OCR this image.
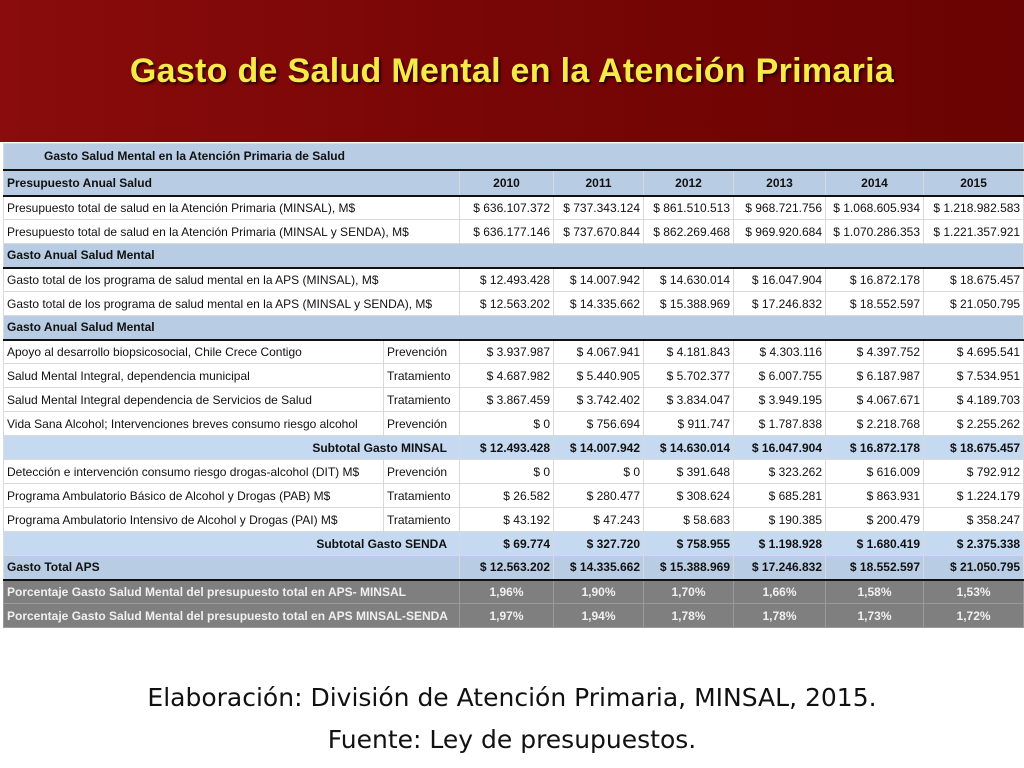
Gasto de Salud Mental en la Atención Primaria
Gasto Salud Mental en la Atención Primaria de Salud							
Presupuesto Anual Salud		2010	2011	2012	2013	2014	2015
Presupuesto total de salud en la Atención Primaria (MINSAL), M$		$ 636.107.372	$ 737.343.124	$ 861.510.513	$ 968.721.756	$ 1.068.605.934	$ 1.218.982.583
Presupuesto total de salud en la Atención Primaria (MINSAL y SENDA), M$		$ 636.177.146	$ 737.670.844	$ 862.269.468	$ 969.920.684	$ 1.070.286.353	$ 1.221.357.921
Gasto Anual Salud Mental							
Gasto total de los programa de salud mental en la APS (MINSAL), M$		$ 12.493.428	$ 14.007.942	$ 14.630.014	$ 16.047.904	$ 16.872.178	$ 18.675.457
Gasto total de los programa de salud mental en la APS (MINSAL y SENDA), M$		$ 12.563.202	$ 14.335.662	$ 15.388.969	$ 17.246.832	$ 18.552.597	$ 21.050.795
Gasto Anual Salud Mental							
Apoyo al desarrollo biopsicosocial, Chile Crece Contigo	Prevención	$ 3.937.987	$ 4.067.941	$ 4.181.843	$ 4.303.116	$ 4.397.752	$ 4.695.541
Salud Mental Integral, dependencia municipal	Tratamiento	$ 4.687.982	$ 5.440.905	$ 5.702.377	$ 6.007.755	$ 6.187.987	$ 7.534.951
Salud Mental Integral dependencia de Servicios de Salud	Tratamiento	$ 3.867.459	$ 3.742.402	$ 3.834.047	$ 3.949.195	$ 4.067.671	$ 4.189.703
Vida Sana Alcohol; Intervenciones breves consumo riesgo alcohol	Prevención	$ 0	$ 756.694	$ 911.747	$ 1.787.838	$ 2.218.768	$ 2.255.262
Subtotal Gasto MINSAL		$ 12.493.428	$ 14.007.942	$ 14.630.014	$ 16.047.904	$ 16.872.178	$ 18.675.457
Detección e intervención consumo riesgo drogas-alcohol (DIT) M$	Prevención	$ 0	$ 0	$ 391.648	$ 323.262	$ 616.009	$ 792.912
Programa Ambulatorio Básico de Alcohol y Drogas (PAB) M$	Tratamiento	$ 26.582	$ 280.477	$ 308.624	$ 685.281	$ 863.931	$ 1.224.179
Programa Ambulatorio Intensivo de Alcohol y Drogas (PAI) M$	Tratamiento	$ 43.192	$ 47.243	$ 58.683	$ 190.385	$ 200.479	$ 358.247
Subtotal Gasto SENDA		$ 69.774	$ 327.720	$ 758.955	$ 1.198.928	$ 1.680.419	$ 2.375.338
Gasto Total APS		$ 12.563.202	$ 14.335.662	$ 15.388.969	$ 17.246.832	$ 18.552.597	$ 21.050.795
Porcentaje Gasto Salud Mental del presupuesto total en APS- MINSAL		1,96%	1,90%	1,70%	1,66%	1,58%	1,53%
Porcentaje Gasto Salud Mental del presupuesto total en APS MINSAL-SENDA		1,97%	1,94%	1,78%	1,78%	1,73%	1,72%
Elaboración: División de Atención Primaria, MINSAL, 2015.
Fuente: Ley de presupuestos.
